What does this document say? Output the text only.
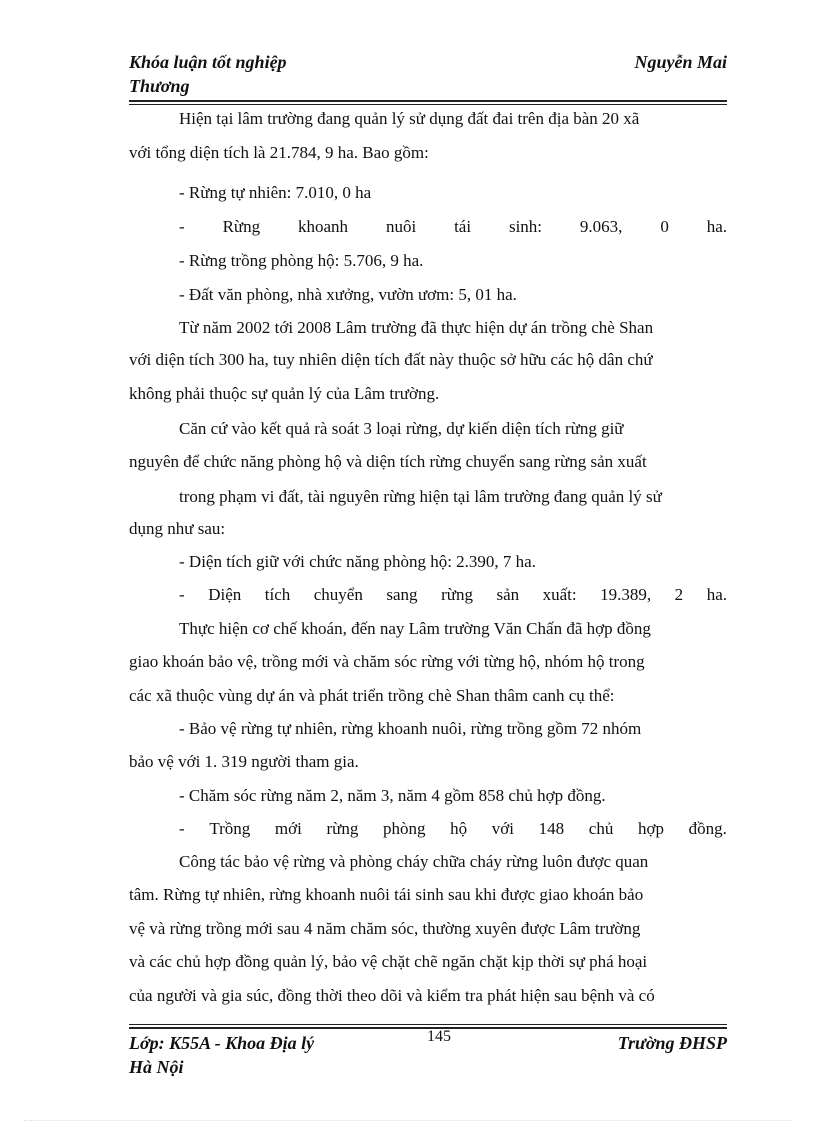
Khóa luận tốt nghiệp
Thương
Nguyễn Mai
Hiện tại lâm trường đang quản lý sử dụng đất đai trên địa bàn 20 xã
với tổng diện tích là 21.784, 9 ha. Bao gồm:
- Rừng tự nhiên: 7.010, 0 ha
- Rừng khoanh nuôi tái sinh: 9.063, 0 ha.
- Rừng trồng phòng hộ: 5.706, 9 ha.
- Đất văn phòng, nhà xưởng, vườn ươm: 5, 01 ha.
Từ năm 2002 tới 2008 Lâm trường đã thực hiện dự án trồng chè Shan
với diện tích 300 ha, tuy nhiên diện tích đất này thuộc sở hữu các hộ dân chứ
không phải thuộc sự quản lý của Lâm trường.
Căn cứ vào kết quả rà soát 3 loại rừng, dự kiến diện tích rừng giữ
nguyên để chức năng phòng hộ và diện tích rừng chuyển sang rừng sản xuất
trong phạm vi đất, tài nguyên rừng hiện tại lâm trường đang quản lý sử
dụng như sau:
- Diện tích giữ với chức năng phòng hộ: 2.390, 7 ha.
- Diện tích chuyển sang rừng sản xuất: 19.389, 2 ha.
Thực hiện cơ chế khoán, đến nay Lâm trường Văn Chấn đã hợp đồng
giao khoán bảo vệ, trồng mới và chăm sóc rừng với từng hộ, nhóm hộ trong
các xã thuộc vùng dự án và phát triển trồng chè Shan thâm canh cụ thể:
- Bảo vệ rừng tự nhiên, rừng khoanh nuôi, rừng trồng gồm 72 nhóm
bảo vệ với 1. 319 người tham gia.
- Chăm sóc rừng năm 2, năm 3, năm 4 gồm 858 chủ hợp đồng.
- Trồng mới rừng phòng hộ với 148 chủ hợp đồng.
Công tác bảo vệ rừng và phòng cháy chữa cháy rừng luôn được quan
tâm. Rừng tự nhiên, rừng khoanh nuôi tái sinh sau khi được giao khoán bảo
vệ và rừng trồng mới sau 4 năm chăm sóc, thường xuyên được Lâm trường
và các chủ hợp đồng quản lý, bảo vệ chặt chẽ ngăn chặt kịp thời sự phá hoại
của người và gia súc, đồng thời theo dõi và kiểm tra phát hiện sau bệnh và có
Lớp: K55A - Khoa Địa lý
Hà Nội
145	Trường ĐHSP
